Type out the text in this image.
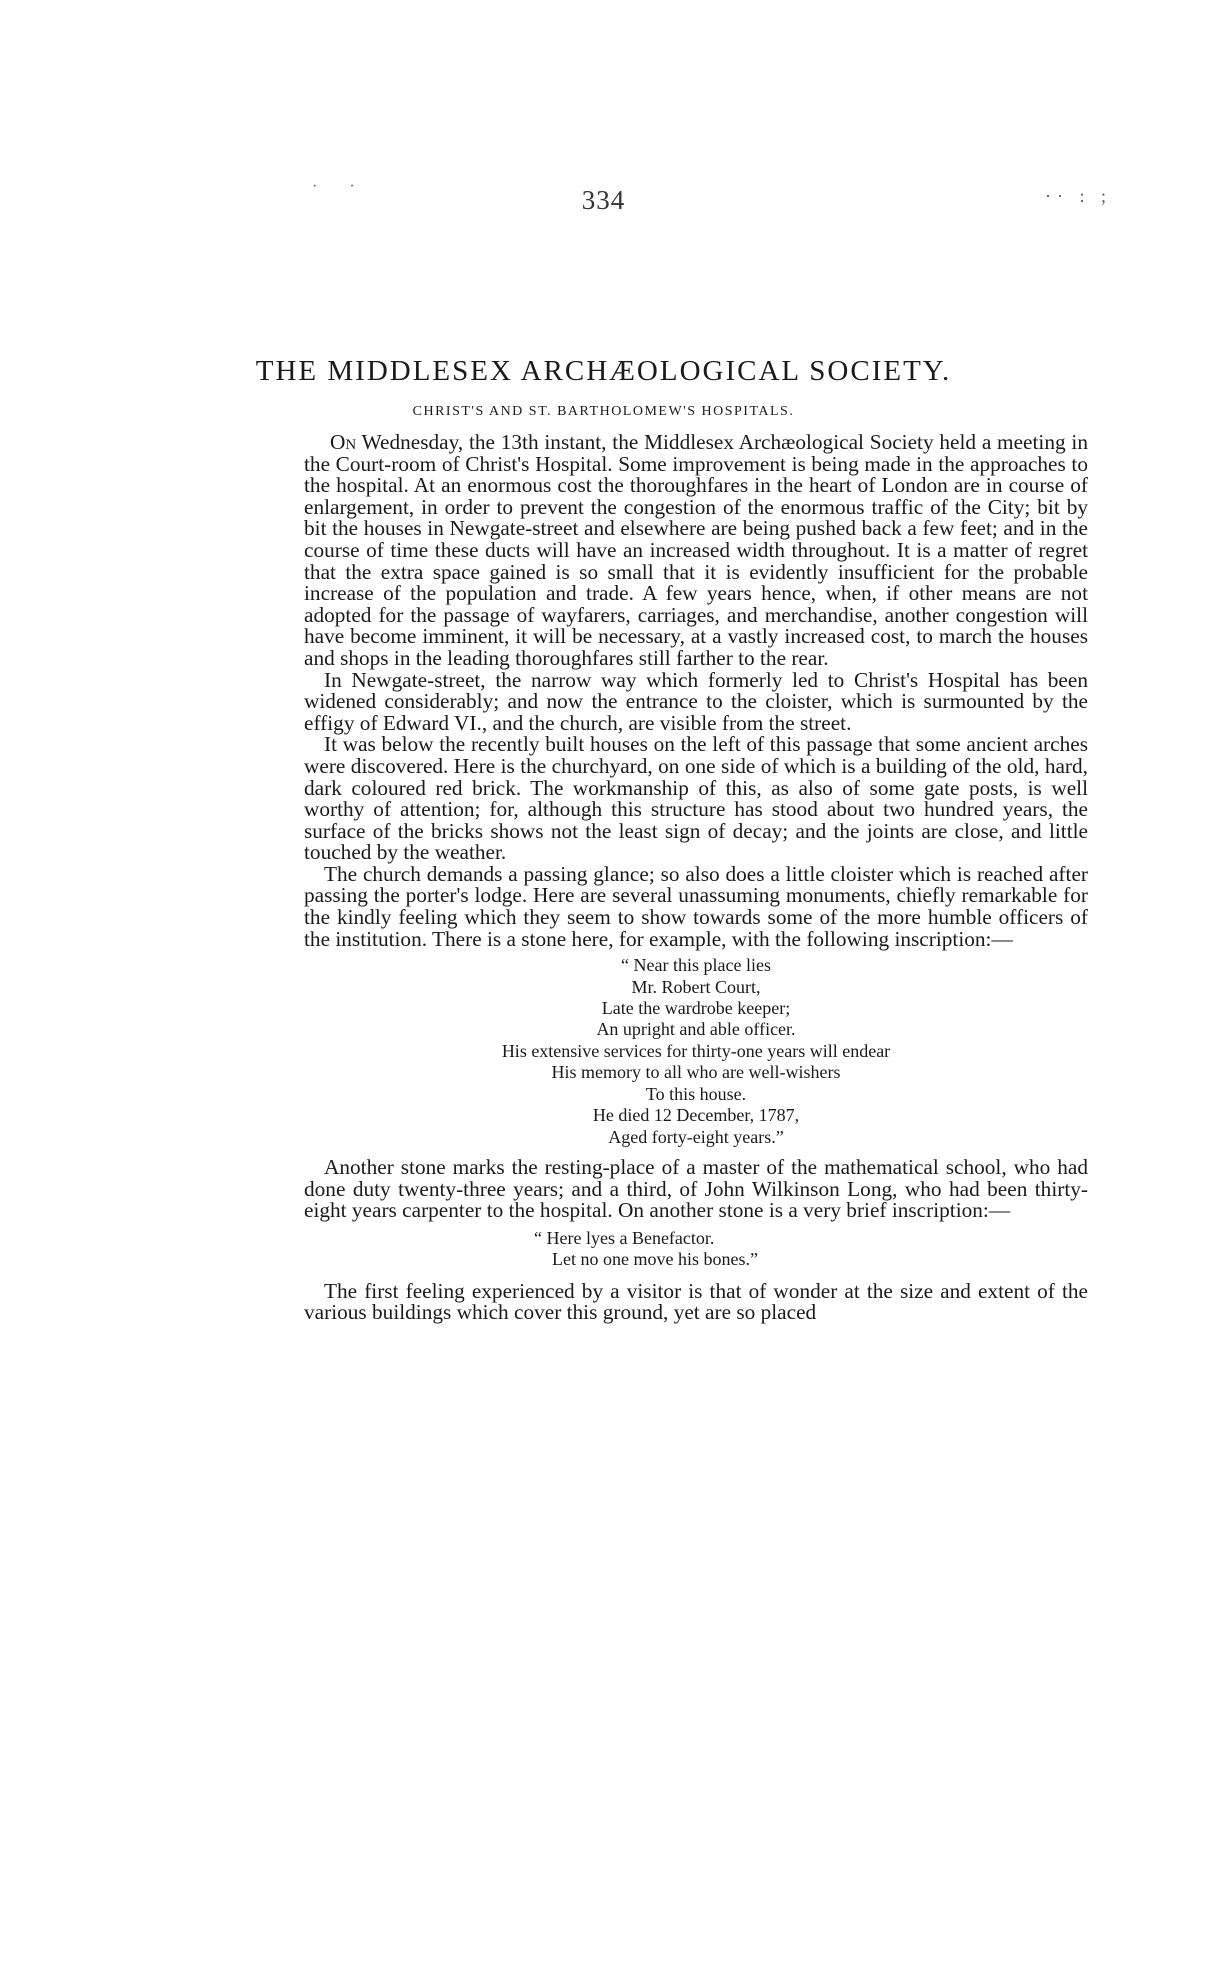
· ·	334	·· : ;
THE MIDDLESEX ARCHÆOLOGICAL SOCIETY.
CHRIST'S AND ST. BARTHOLOMEW'S HOSPITALS.

On Wednesday, the 13th instant, the Middlesex Archæological Society held a meeting in the Court-room of Christ's Hospital. Some improvement is being made in the approaches to the hospital. At an enormous cost the thoroughfares in the heart of London are in course of enlargement, in order to prevent the congestion of the enormous traffic of the City; bit by bit the houses in Newgate-street and elsewhere are being pushed back a few feet; and in the course of time these ducts will have an increased width throughout. It is a matter of regret that the extra space gained is so small that it is evidently insufficient for the probable increase of the population and trade. A few years hence, when, if other means are not adopted for the passage of wayfarers, carriages, and merchandise, another congestion will have become imminent, it will be necessary, at a vastly increased cost, to march the houses and shops in the leading thoroughfares still farther to the rear.

In Newgate-street, the narrow way which formerly led to Christ's Hospital has been widened considerably; and now the entrance to the cloister, which is surmounted by the effigy of Edward VI., and the church, are visible from the street.

It was below the recently built houses on the left of this passage that some ancient arches were discovered. Here is the churchyard, on one side of which is a building of the old, hard, dark coloured red brick. The workmanship of this, as also of some gate posts, is well worthy of attention; for, although this structure has stood about two hundred years, the surface of the bricks shows not the least sign of decay; and the joints are close, and little touched by the weather.

The church demands a passing glance; so also does a little cloister which is reached after passing the porter's lodge. Here are several unassuming monuments, chiefly remarkable for the kindly feeling which they seem to show towards some of the more humble officers of the institution. There is a stone here, for example, with the following inscription:—

“ Near this place lies
Mr. Robert Court,
Late the wardrobe keeper;
An upright and able officer.
His extensive services for thirty-one years will endear
His memory to all who are well-wishers
To this house.
He died 12 December, 1787,
Aged forty-eight years.”

Another stone marks the resting-place of a master of the mathematical school, who had done duty twenty-three years; and a third, of John Wilkinson Long, who had been thirty-eight years carpenter to the hospital. On another stone is a very brief inscription:—

“ Here lyes a Benefactor.
Let no one move his bones.”

The first feeling experienced by a visitor is that of wonder at the size and extent of the various buildings which cover this ground, yet are so placed
